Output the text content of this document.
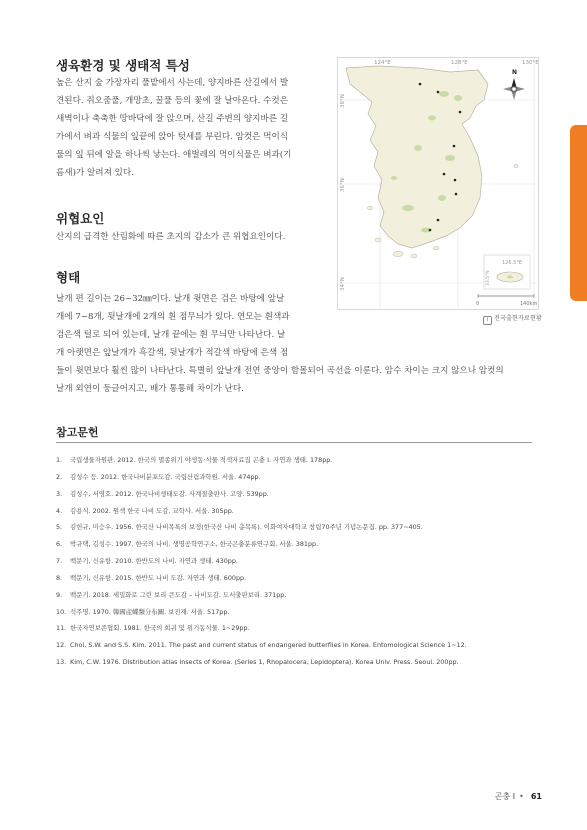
생육환경 및 생태적 특성
높은 산지 숲 가장자리 풀밭에서 사는데, 양지바른 산길에서 발
견된다. 쥐오줌풀, 개망초, 꿀풀 등의 꽃에 잘 날아온다. 수컷은
새벽이나 축축한 땅바닥에 잘 앉으며, 산길 주변의 양지바른 길
가에서 벼과 식물의 잎끝에 앉아 텃세를 부린다. 암컷은 먹이식
물의 잎 뒤에 알을 하나씩 낳는다. 애벌레의 먹이식물은 벼과(기
름새)가 알려져 있다.
위협요인
산지의 급격한 산림화에 따른 초지의 감소가 큰 위협요인이다.
형태
날개 편 길이는 26~32㎜이다. 날개 윗면은 검은 바탕에 앞날
개에 7~8개, 뒷날개에 2개의 흰 점무늬가 있다. 연모는 흰색과
검은색 털로 되어 있는데, 날개 끝에는 흰 무늬만 나타난다. 날
개 아랫면은 앞날개가 흑갈색, 뒷날개가 적갈색 바탕에 은색 점
들이 윗면보다 훨씬 많이 나타난다. 특별히 앞날개 전연 중앙이 함몰되어 곡선을 이룬다. 암수 차이는 크지 않으나 암컷의
날개 외연이 둥글어지고, 배가 통통해 차이가 난다.
124°E	128°E	130°E
38°N
36°N
34°N
N
126.5°E
33.5°N
0	140km
i 전국출현자료현황
참고문헌
1. 국립생물자원관. 2012. 한국의 멸종위기 야생동·식물 적색자료집 곤충 I. 자연과 생태. 178pp.
2. 김성수 등. 2012. 한국나비분포도감. 국립산림과학원. 서울. 474pp.
3. 김성수, 서영호. 2012. 한국나비생태도감. 사계절출판사. 고양. 539pp.
4. 김용식. 2002. 원색 한국 나비 도감. 교학사. 서울. 305pp.
5. 김헌규, 미승우. 1956. 한국산 나비목록의 보정(한국산 나비 총목록). 이화여자대학교 창립70주년 기념논문집. pp. 377~405.
6. 박규택, 김성수. 1997. 한국의 나비. 생명공학연구소, 한국곤충분류연구회. 서울. 381pp.
7. 백문기, 신유항. 2010. 한반도의 나비. 자연과 생태. 430pp.
8. 백문기, 신유항. 2015. 한반도 나비 도감. 자연과 생태. 600pp.
9. 백문기. 2018. 세밀화로 그린 보리 큰도감 – 나비도감. 도서출판보리. 371pp.
10. 석주명. 1970. 韓國産蝶類分布圖. 보진재. 서울. 517pp.
11. 한국자연보존협회. 1981. 한국의 희귀 및 위기동식물. 1~29pp.
12. Choi, S.W. and S.S. Kim. 2011. The past and current status of endangered butterflies in Korea. Entomological Science 1~12.
13. Kim, C.W. 1976. Distribution atlas insects of Korea. (Series 1, Rhopalocera, Lepidoptera). Korea Univ. Press. Seoul. 200pp.
곤충 I • 61
